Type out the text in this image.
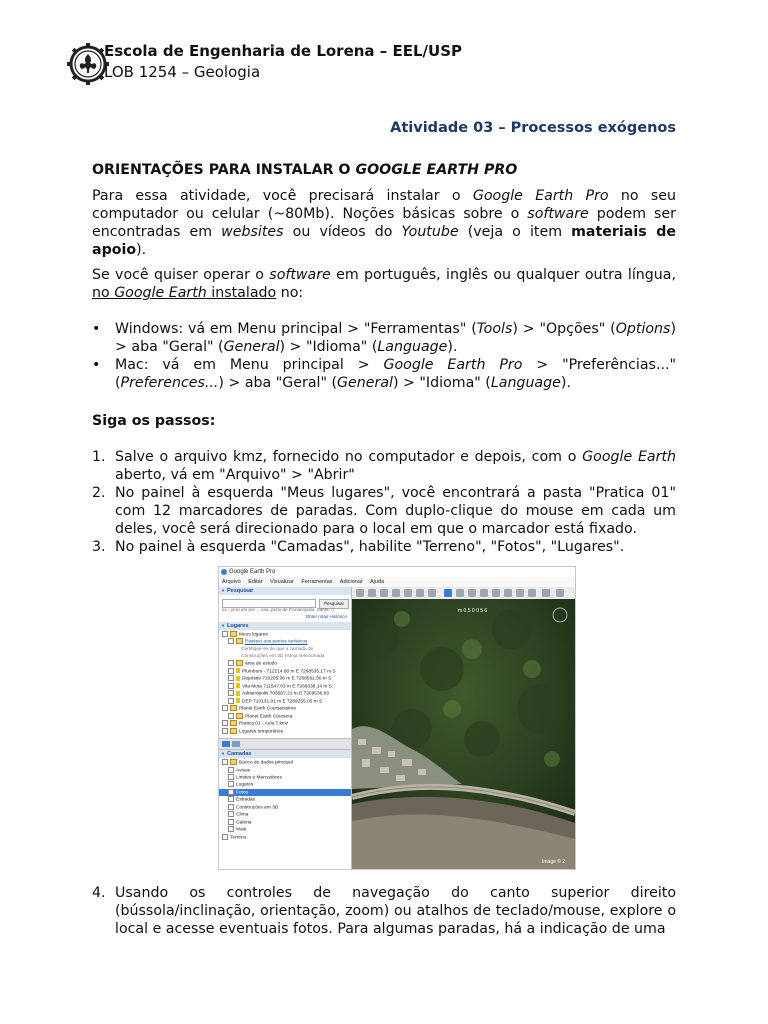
Escola de Engenharia de Lorena – EEL/USP
LOB 1254 – Geologia
Atividade 03 – Processos exógenos

ORIENTAÇÕES PARA INSTALAR O GOOGLE EARTH PRO

Para essa atividade, você precisará instalar o Google Earth Pro no seu computador ou celular (~80Mb). Noções básicas sobre o software podem ser encontradas em websites ou vídeos do Youtube (veja o item materiais de apoio).

Se você quiser operar o software em português, inglês ou qualquer outra língua, no Google Earth instalado no:

• Windows: vá em Menu principal > "Ferramentas" (Tools) > "Opções" (Options) > aba "Geral" (General) > "Idioma" (Language).
• Mac: vá em Menu principal > Google Earth Pro > "Preferências..." (Preferences...) > aba "Geral" (General) > "Idioma" (Language).

Siga os passos:

1. Salve o arquivo kmz, fornecido no computador e depois, com o Google Earth aberto, vá em "Arquivo" > "Abrir"
2. No painel à esquerda "Meus lugares", você encontrará a pasta "Pratica 01" com 12 marcadores de paradas. Com duplo-clique do mouse em cada um deles, você será direcionado para o local em que o marcador está fixado.
3. No painel à esquerda "Camadas", habilite "Terreno", "Fotos", "Lugares".
Google Earth Pro
Arquivo Editar Visualizar Ferramentas Adicionar Ajuda
▼ Pesquisar
Pesquisar
ex.: procurar por ... (via, perto de Florianópolis, Santa...)
Obter rotas Histórico
▼ Lugares
Meus lugares
Passeio aos pontos turísticos
Certifique-se de que a camada de
Construções em 3D esteja selecionada
área de estudo
Plumbum - 712214.80 m E 7268535.17 m S
Depósito 710205.06 m E 7268561.50 m S
Vila Mota 711547.03 m E 7268338.14 m S
Adrianópolis 708567.21 m E 7269536.93
DEP 710131.01 m E 7269255.05 m S
Planet Earth Courseissimo
Planet Earth Coursera
Pratica 01 - Aula 7.kmz
Lugares temporários
▼ Camadas
Banco de dados principal
Avisos
Limites e Marcadores
Lugares
Fotos
Estradas
Construções em 3D
Clima
Galeria
Mais
Terreno
m 0.5 0 0 5 6
Image © 2
4. Usando os controles de navegação do canto superior direito (bússola/inclinação, orientação, zoom) ou atalhos de teclado/mouse, explore o local e acesse eventuais fotos. Para algumas paradas, há a indicação de uma
